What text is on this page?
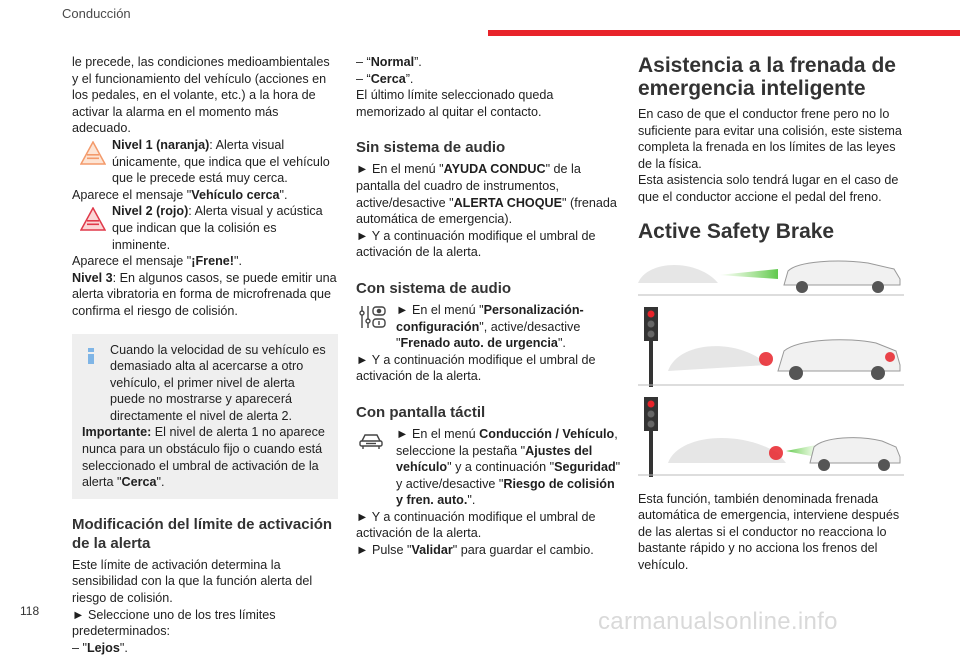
Conducción

le precede, las condiciones medioambientales y el funcionamiento del vehículo (acciones en los pedales, en el volante, etc.) a la hora de activar la alarma en el momento más adecuado.

Nivel 1 (naranja): Alerta visual únicamente, que indica que el vehículo que le precede está muy cerca.

Aparece el mensaje "Vehículo cerca".

Nivel 2 (rojo): Alerta visual y acústica que indican que la colisión es inminente.

Aparece el mensaje "¡Frene!".

Nivel 3: En algunos casos, se puede emitir una alerta vibratoria en forma de microfrenada que confirma el riesgo de colisión.

Cuando la velocidad de su vehículo es demasiado alta al acercarse a otro vehículo, el primer nivel de alerta puede no mostrarse y aparecerá directamente el nivel de alerta 2.

Importante: El nivel de alerta 1 no aparece nunca para un obstáculo fijo o cuando está seleccionado el umbral de activación de la alerta "Cerca".

Modificación del límite de activación de la alerta

Este límite de activación determina la sensibilidad con la que la función alerta del riesgo de colisión.

► Seleccione uno de los tres límites predeterminados:

– "Lejos".

– “Normal”.

– “Cerca”.

El último límite seleccionado queda memorizado al quitar el contacto.

Sin sistema de audio

► En el menú "AYUDA CONDUC" de la pantalla del cuadro de instrumentos, active/desactive "ALERTA CHOQUE" (frenada automática de emergencia).

► Y a continuación modifique el umbral de activación de la alerta.

Con sistema de audio
► En el menú "Personalización-configuración", active/desactive "Frenado auto. de urgencia".

► Y a continuación modifique el umbral de activación de la alerta.

Con pantalla táctil
► En el menú Conducción / Vehículo, seleccione la pestaña "Ajustes del vehículo" y a continuación "Seguridad" y active/desactive "Riesgo de colisión y fren. auto.".

► Y a continuación modifique el umbral de activación de la alerta.

► Pulse "Validar" para guardar el cambio.

Asistencia a la frenada de emergencia inteligente

En caso de que el conductor frene pero no lo suficiente para evitar una colisión, este sistema completa la frenada en los límites de las leyes de la física.

Esta asistencia solo tendrá lugar en el caso de que el conductor accione el pedal del freno.

Active Safety Brake

Esta función, también denominada frenada automática de emergencia, interviene después de las alertas si el conductor no reacciona lo bastante rápido y no acciona los frenos del vehículo.

118	carmanualsonline.info
